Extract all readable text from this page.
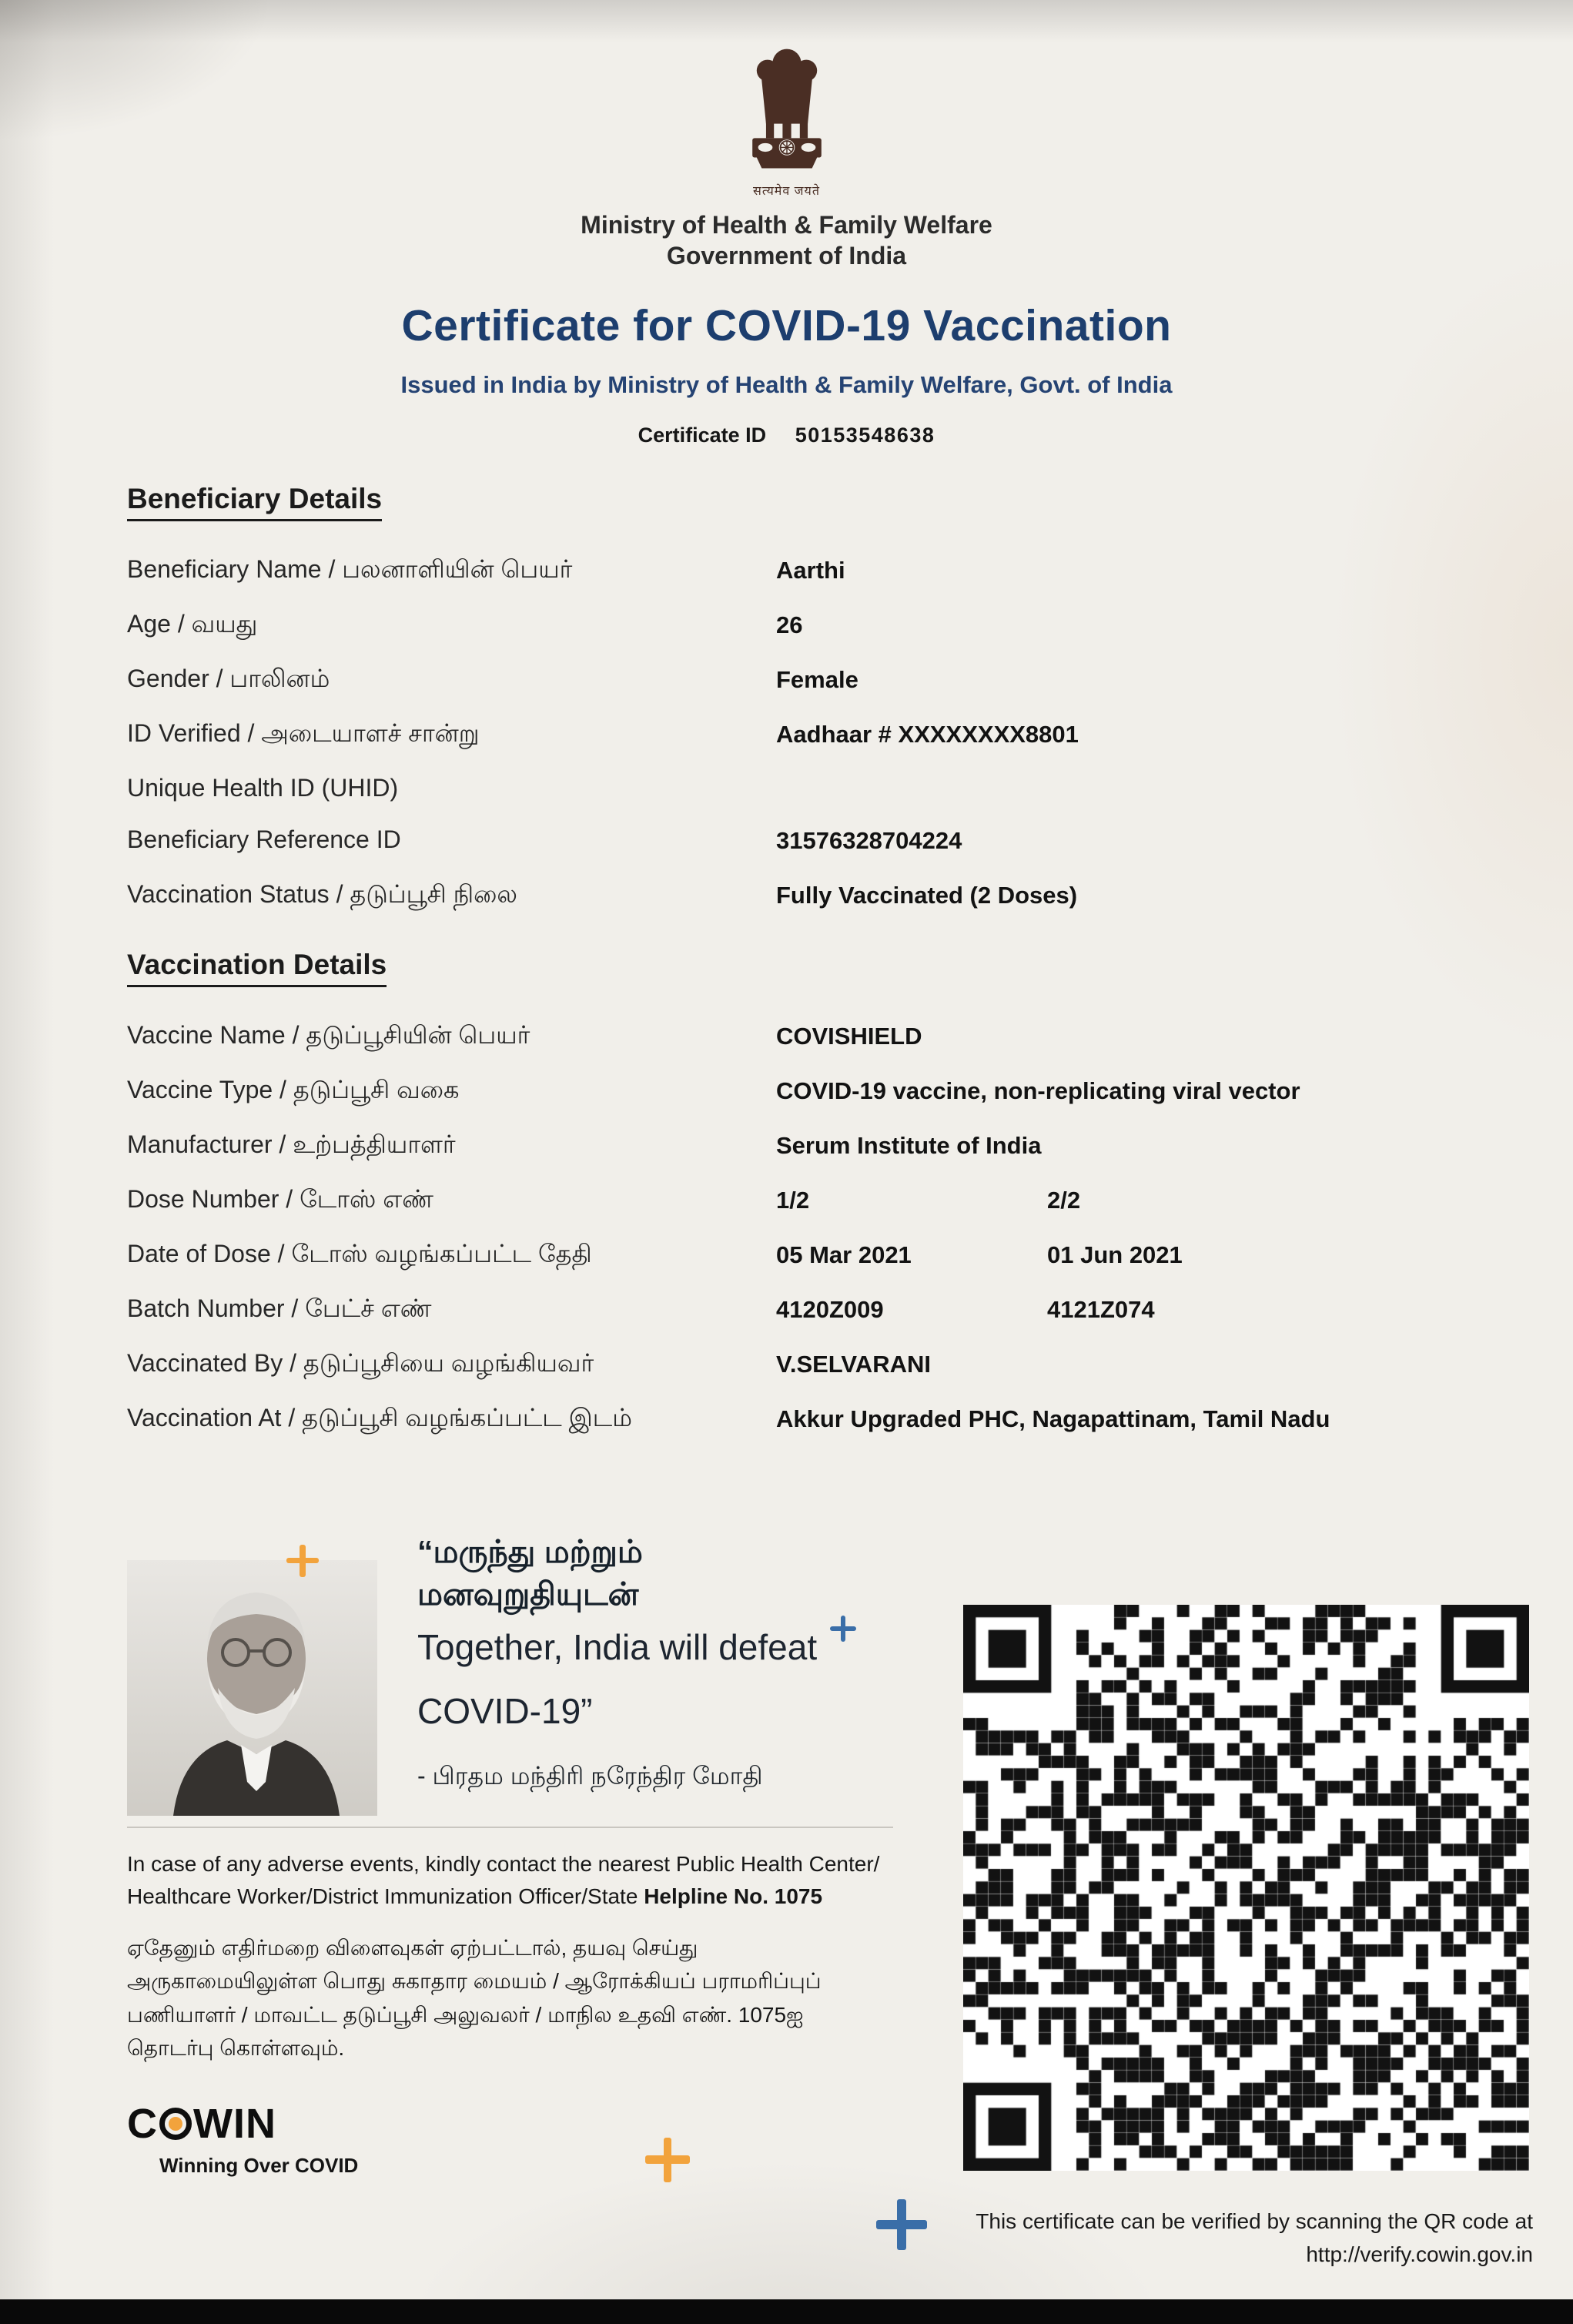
सत्यमेव जयते
Ministry of Health & Family Welfare
Government of India
Certificate for COVID-19 Vaccination
Issued in India by Ministry of Health & Family Welfare, Govt. of India
Certificate ID 50153548638
Beneficiary Details
Beneficiary Name / பலனாளியின் பெயர்	Aarthi
Age / வயது	26
Gender / பாலினம்	Female
ID Verified / அடையாளச் சான்று	Aadhaar # XXXXXXXX8801
Unique Health ID (UHID)
Beneficiary Reference ID	31576328704224
Vaccination Status / தடுப்பூசி நிலை	Fully Vaccinated (2 Doses)
Vaccination Details
Vaccine Name / தடுப்பூசியின் பெயர்	COVISHIELD
Vaccine Type / தடுப்பூசி வகை	COVID-19 vaccine, non-replicating viral vector
Manufacturer / உற்பத்தியாளர்	Serum Institute of India
Dose Number / டோஸ் எண்	1/2	2/2
Date of Dose / டோஸ் வழங்கப்பட்ட தேதி	05 Mar 2021	01 Jun 2021
Batch Number / பேட்ச் எண்	4120Z009	4121Z074
Vaccinated By / தடுப்பூசியை வழங்கியவர்	V.SELVARANI
Vaccination At / தடுப்பூசி வழங்கப்பட்ட இடம்	Akkur Upgraded PHC, Nagapattinam, Tamil Nadu
“மருந்து மற்றும்
மனவுறுதியுடன்
Together, India will defeat
COVID-19”
- பிரதம மந்திரி நரேந்திர மோதி

In case of any adverse events, kindly contact the nearest Public Health Center/ Healthcare Worker/District Immunization Officer/State Helpline No. 1075

ஏதேனும் எதிர்மறை விளைவுகள் ஏற்பட்டால், தயவு செய்து அருகாமையிலுள்ள பொது சுகாதார மையம் / ஆரோக்கியப் பராமரிப்புப் பணியாளர் / மாவட்ட தடுப்பூசி அலுவலர் / மாநில உதவி எண். 1075ஐ தொடர்பு கொள்ளவும்.

C WIN
Winning Over COVID
This certificate can be verified by scanning the QR code at
http://verify.cowin.gov.in
